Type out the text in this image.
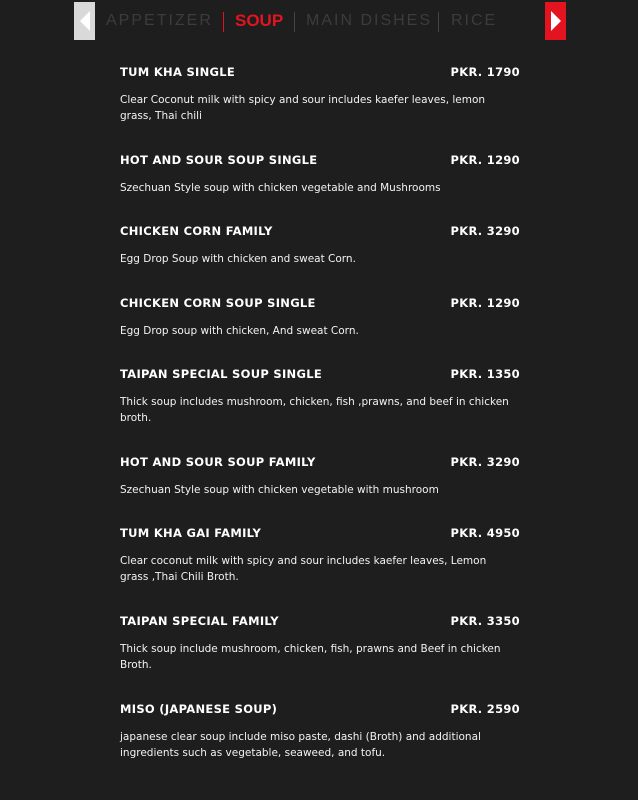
APPETIZER SOUP MAIN DISHES RICE
TUM KHA SINGLE	PKR. 1790
Clear Coconut milk with spicy and sour includes kaefer leaves, lemon grass, Thai chili
HOT AND SOUR SOUP SINGLE	PKR. 1290
Szechuan Style soup with chicken vegetable and Mushrooms
CHICKEN CORN FAMILY	PKR. 3290
Egg Drop Soup with chicken and sweat Corn.
CHICKEN CORN SOUP SINGLE	PKR. 1290
Egg Drop soup with chicken, And sweat Corn.
TAIPAN SPECIAL SOUP SINGLE	PKR. 1350
Thick soup includes mushroom, chicken, fish ,prawns, and beef in chicken broth.
HOT AND SOUR SOUP FAMILY	PKR. 3290
Szechuan Style soup with chicken vegetable with mushroom
TUM KHA GAI FAMILY	PKR. 4950
Clear coconut milk with spicy and sour includes kaefer leaves, Lemon grass ,Thai Chili Broth.
TAIPAN SPECIAL FAMILY	PKR. 3350
Thick soup include mushroom, chicken, fish, prawns and Beef in chicken Broth.
MISO (JAPANESE SOUP)	PKR. 2590
japanese clear soup include miso paste, dashi (Broth) and additional ingredients such as vegetable, seaweed, and tofu.
